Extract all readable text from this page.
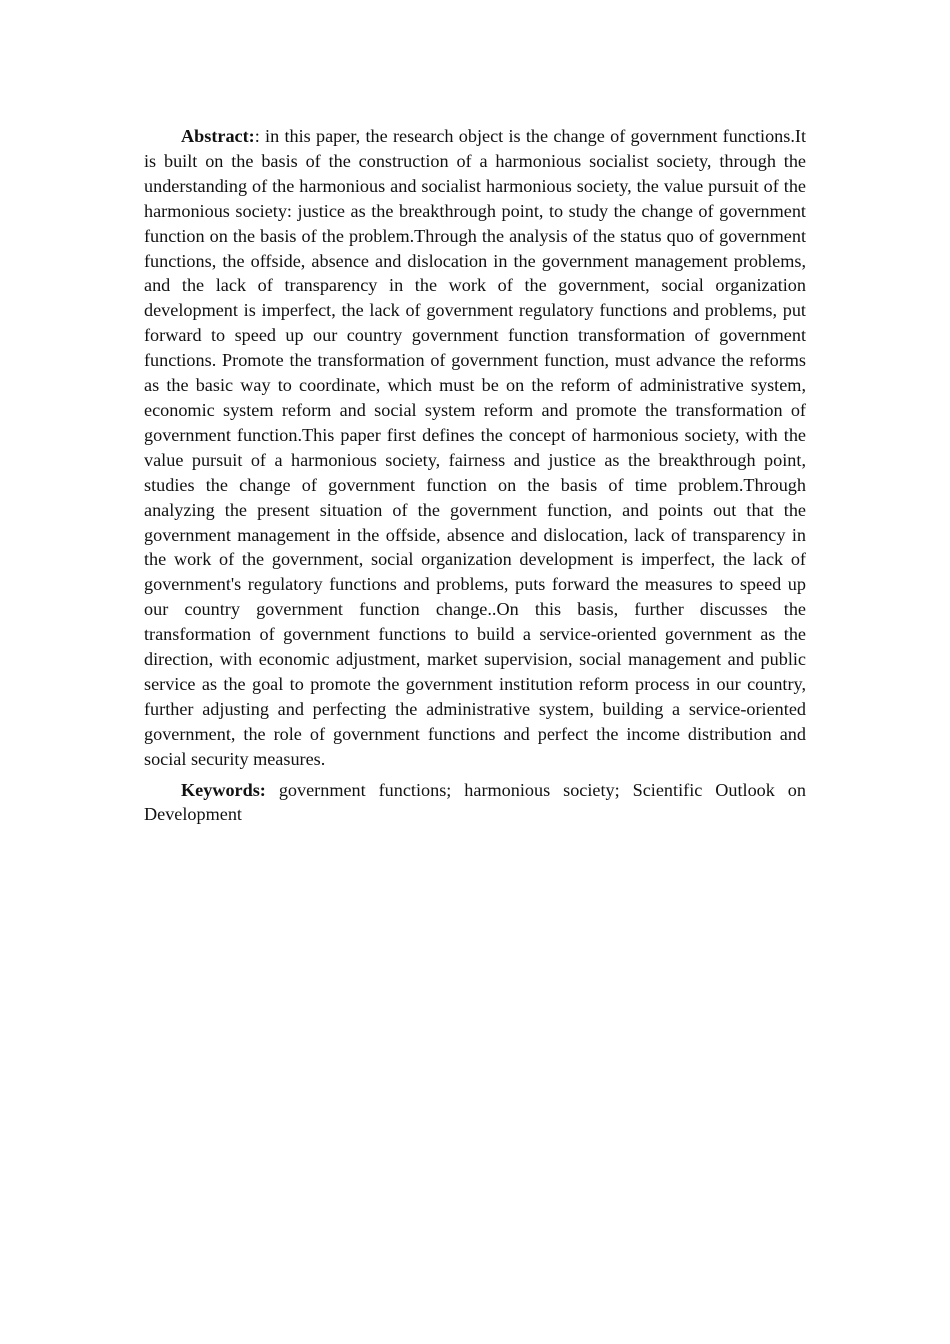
Abstract:: in this paper, the research object is the change of government functions.It is built on the basis of the construction of a harmonious socialist society, through the understanding of the harmonious and socialist harmonious society, the value pursuit of the harmonious society: justice as the breakthrough point, to study the change of government function on the basis of the problem.Through the analysis of the status quo of government functions, the offside, absence and dislocation in the government management problems, and the lack of transparency in the work of the government, social organization development is imperfect, the lack of government regulatory functions and problems, put forward to speed up our country government function transformation of government functions. Promote the transformation of government function, must advance the reforms as the basic way to coordinate, which must be on the reform of administrative system, economic system reform and social system reform and promote the transformation of government function.This paper first defines the concept of harmonious society, with the value pursuit of a harmonious society, fairness and justice as the breakthrough point, studies the change of government function on the basis of time problem.Through analyzing the present situation of the government function, and points out that the government management in the offside, absence and dislocation, lack of transparency in the work of the government, social organization development is imperfect, the lack of government's regulatory functions and problems, puts forward the measures to speed up our country government function change..On this basis, further discusses the transformation of government functions to build a service-oriented government as the direction, with economic adjustment, market supervision, social management and public service as the goal to promote the government institution reform process in our country, further adjusting and perfecting the administrative system, building a service-oriented government, the role of government functions and perfect the income distribution and social security measures.

Keywords: government functions; harmonious society; Scientific Outlook on Development
